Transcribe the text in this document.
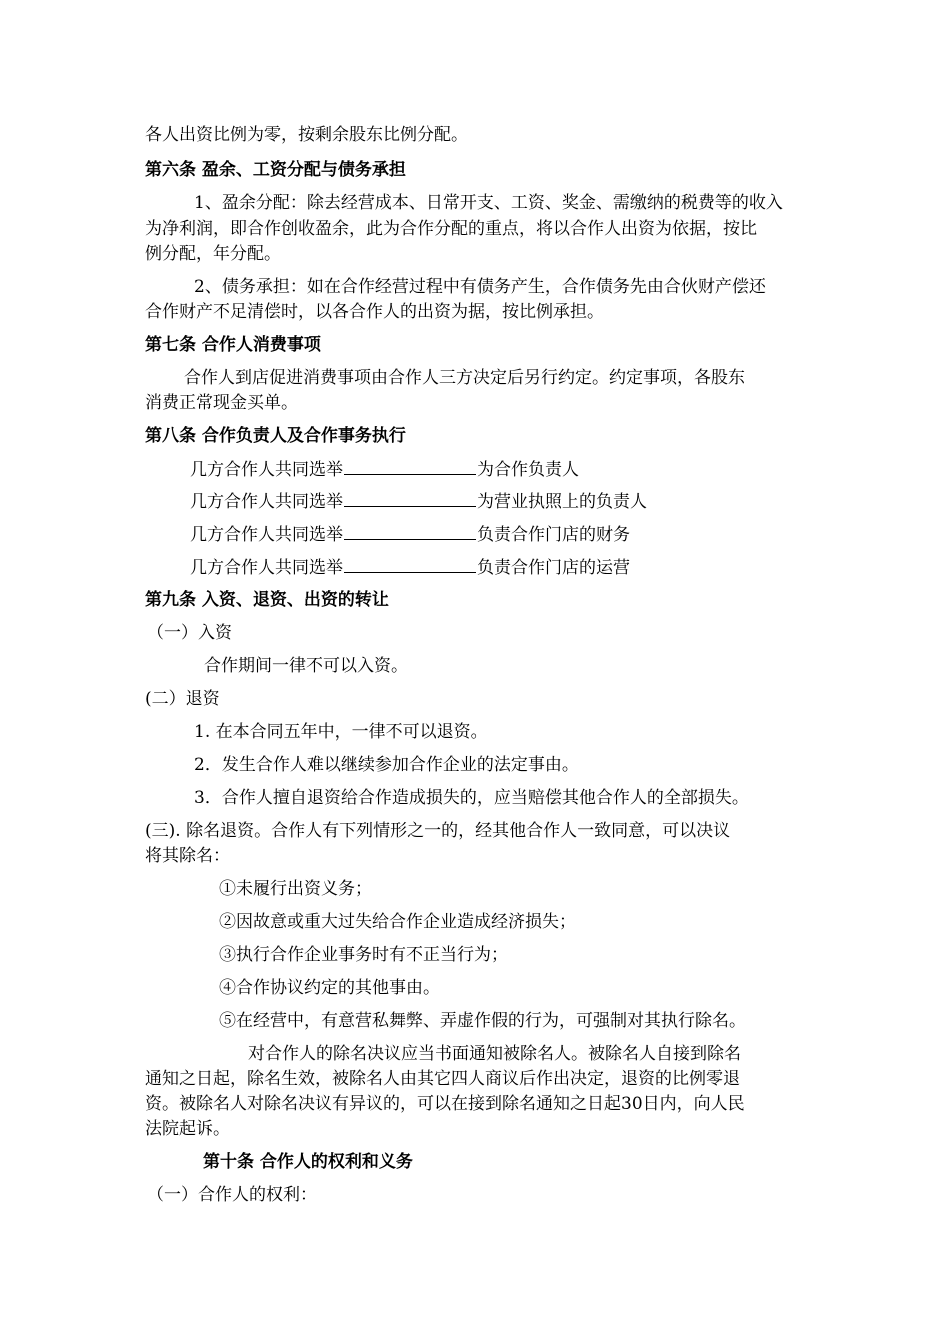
各人出资比例为零，按剩余股东比例分配。
第六条 盈余、工资分配与债务承担
1、盈余分配：除去经营成本、日常开支、工资、奖金、需缴纳的税费等的收入
为净利润，即合作创收盈余，此为合作分配的重点，将以合作人出资为依据，按比
例分配，年分配。
2、债务承担：如在合作经营过程中有债务产生，合作债务先由合伙财产偿还
合作财产不足清偿时，以各合作人的出资为据，按比例承担。
第七条 合作人消费事项
合作人到店促进消费事项由合作人三方决定后另行约定。约定事项，各股东
消费正常现金买单。
第八条 合作负责人及合作事务执行
几方合作人共同选举	为合作负责人
几方合作人共同选举	为营业执照上的负责人
几方合作人共同选举	负责合作门店的财务
几方合作人共同选举	负责合作门店的运营
第九条 入资、退资、出资的转让
（一）入资
合作期间一律不可以入资。
(二）退资
1. 在本合同五年中，一律不可以退资。
2．发生合作人难以继续参加合作企业的法定事由。
3．合作人擅自退资给合作造成损失的，应当赔偿其他合作人的全部损失。
(三). 除名退资。合作人有下列情形之一的，经其他合作人一致同意，可以决议
将其除名：
①未履行出资义务；
②因故意或重大过失给合作企业造成经济损失；
③执行合作企业事务时有不正当行为；
④合作协议约定的其他事由。
⑤在经营中，有意营私舞弊、弄虚作假的行为，可强制对其执行除名。
对合作人的除名决议应当书面通知被除名人。被除名人自接到除名
通知之日起，除名生效，被除名人由其它四人商议后作出决定，退资的比例零退
资。被除名人对除名决议有异议的，可以在接到除名通知之日起30日内，向人民
法院起诉。
第十条 合作人的权利和义务
（一）合作人的权利：
